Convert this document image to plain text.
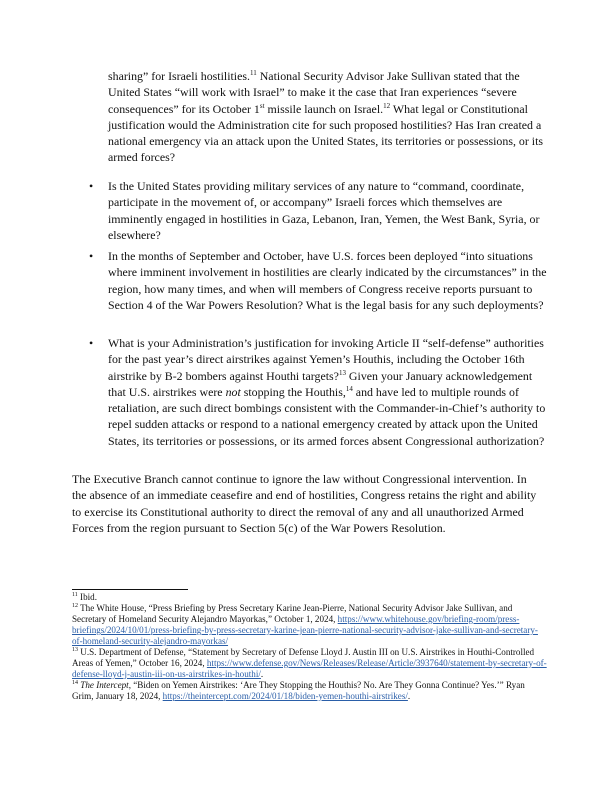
sharing” for Israeli hostilities.$^{11}$ National Security Advisor Jake Sullivan stated that the United States “will work with Israel” to make it the case that Iran experiences “severe consequences” for its October 1st missile launch on Israel.$^{12}$ What legal or Constitutional justification would the Administration cite for such proposed hostilities? Has Iran created a national emergency via an attack upon the United States, its territories or possessions, or its armed forces?

•	Is the United States providing military services of any nature to “command, coordinate, participate in the movement of, or accompany” Israeli forces which themselves are imminently engaged in hostilities in Gaza, Lebanon, Iran, Yemen, the West Bank, Syria, or elsewhere?

•	In the months of September and October, have U.S. forces been deployed “into situations where imminent involvement in hostilities are clearly indicated by the circumstances” in the region, how many times, and when will members of Congress receive reports pursuant to Section 4 of the War Powers Resolution? What is the legal basis for any such deployments?

•	What is your Administration’s justification for invoking Article II “self-defense” authorities for the past year’s direct airstrikes against Yemen’s Houthis, including the October 16th airstrike by B-2 bombers against Houthi targets?$^{13}$ Given your January acknowledgement that U.S. airstrikes were not stopping the Houthis,$^{14}$ and have led to multiple rounds of retaliation, are such direct bombings consistent with the Commander-in-Chief’s authority to repel sudden attacks or respond to a national emergency created by attack upon the United States, its territories or possessions, or its armed forces absent Congressional authorization?

The Executive Branch cannot continue to ignore the law without Congressional intervention. In the absence of an immediate ceasefire and end of hostilities, Congress retains the right and ability to exercise its Constitutional authority to direct the removal of any and all unauthorized Armed Forces from the region pursuant to Section 5(c) of the War Powers Resolution.

$^{11}$ Ibid.

$^{12}$ The White House, “Press Briefing by Press Secretary Karine Jean-Pierre, National Security Advisor Jake Sullivan, and Secretary of Homeland Security Alejandro Mayorkas,” October 1, 2024, https://www.whitehouse.gov/briefing-room/press-briefings/2024/10/01/press-briefing-by-press-secretary-karine-jean-pierre-national-security-advisor-jake-sullivan-and-secretary-of-homeland-security-alejandro-mayorkas/

$^{13}$ U.S. Department of Defense, “Statement by Secretary of Defense Lloyd J. Austin III on U.S. Airstrikes in Houthi-Controlled Areas of Yemen,” October 16, 2024, https://www.defense.gov/News/Releases/Release/Article/3937640/statement-by-secretary-of-defense-lloyd-j-austin-iii-on-us-airstrikes-in-houthi/.

$^{14}$ The Intercept, “Biden on Yemen Airstrikes: ‘Are They Stopping the Houthis? No. Are They Gonna Continue? Yes.’” Ryan Grim, January 18, 2024, https://theintercept.com/2024/01/18/biden-yemen-houthi-airstrikes/.
